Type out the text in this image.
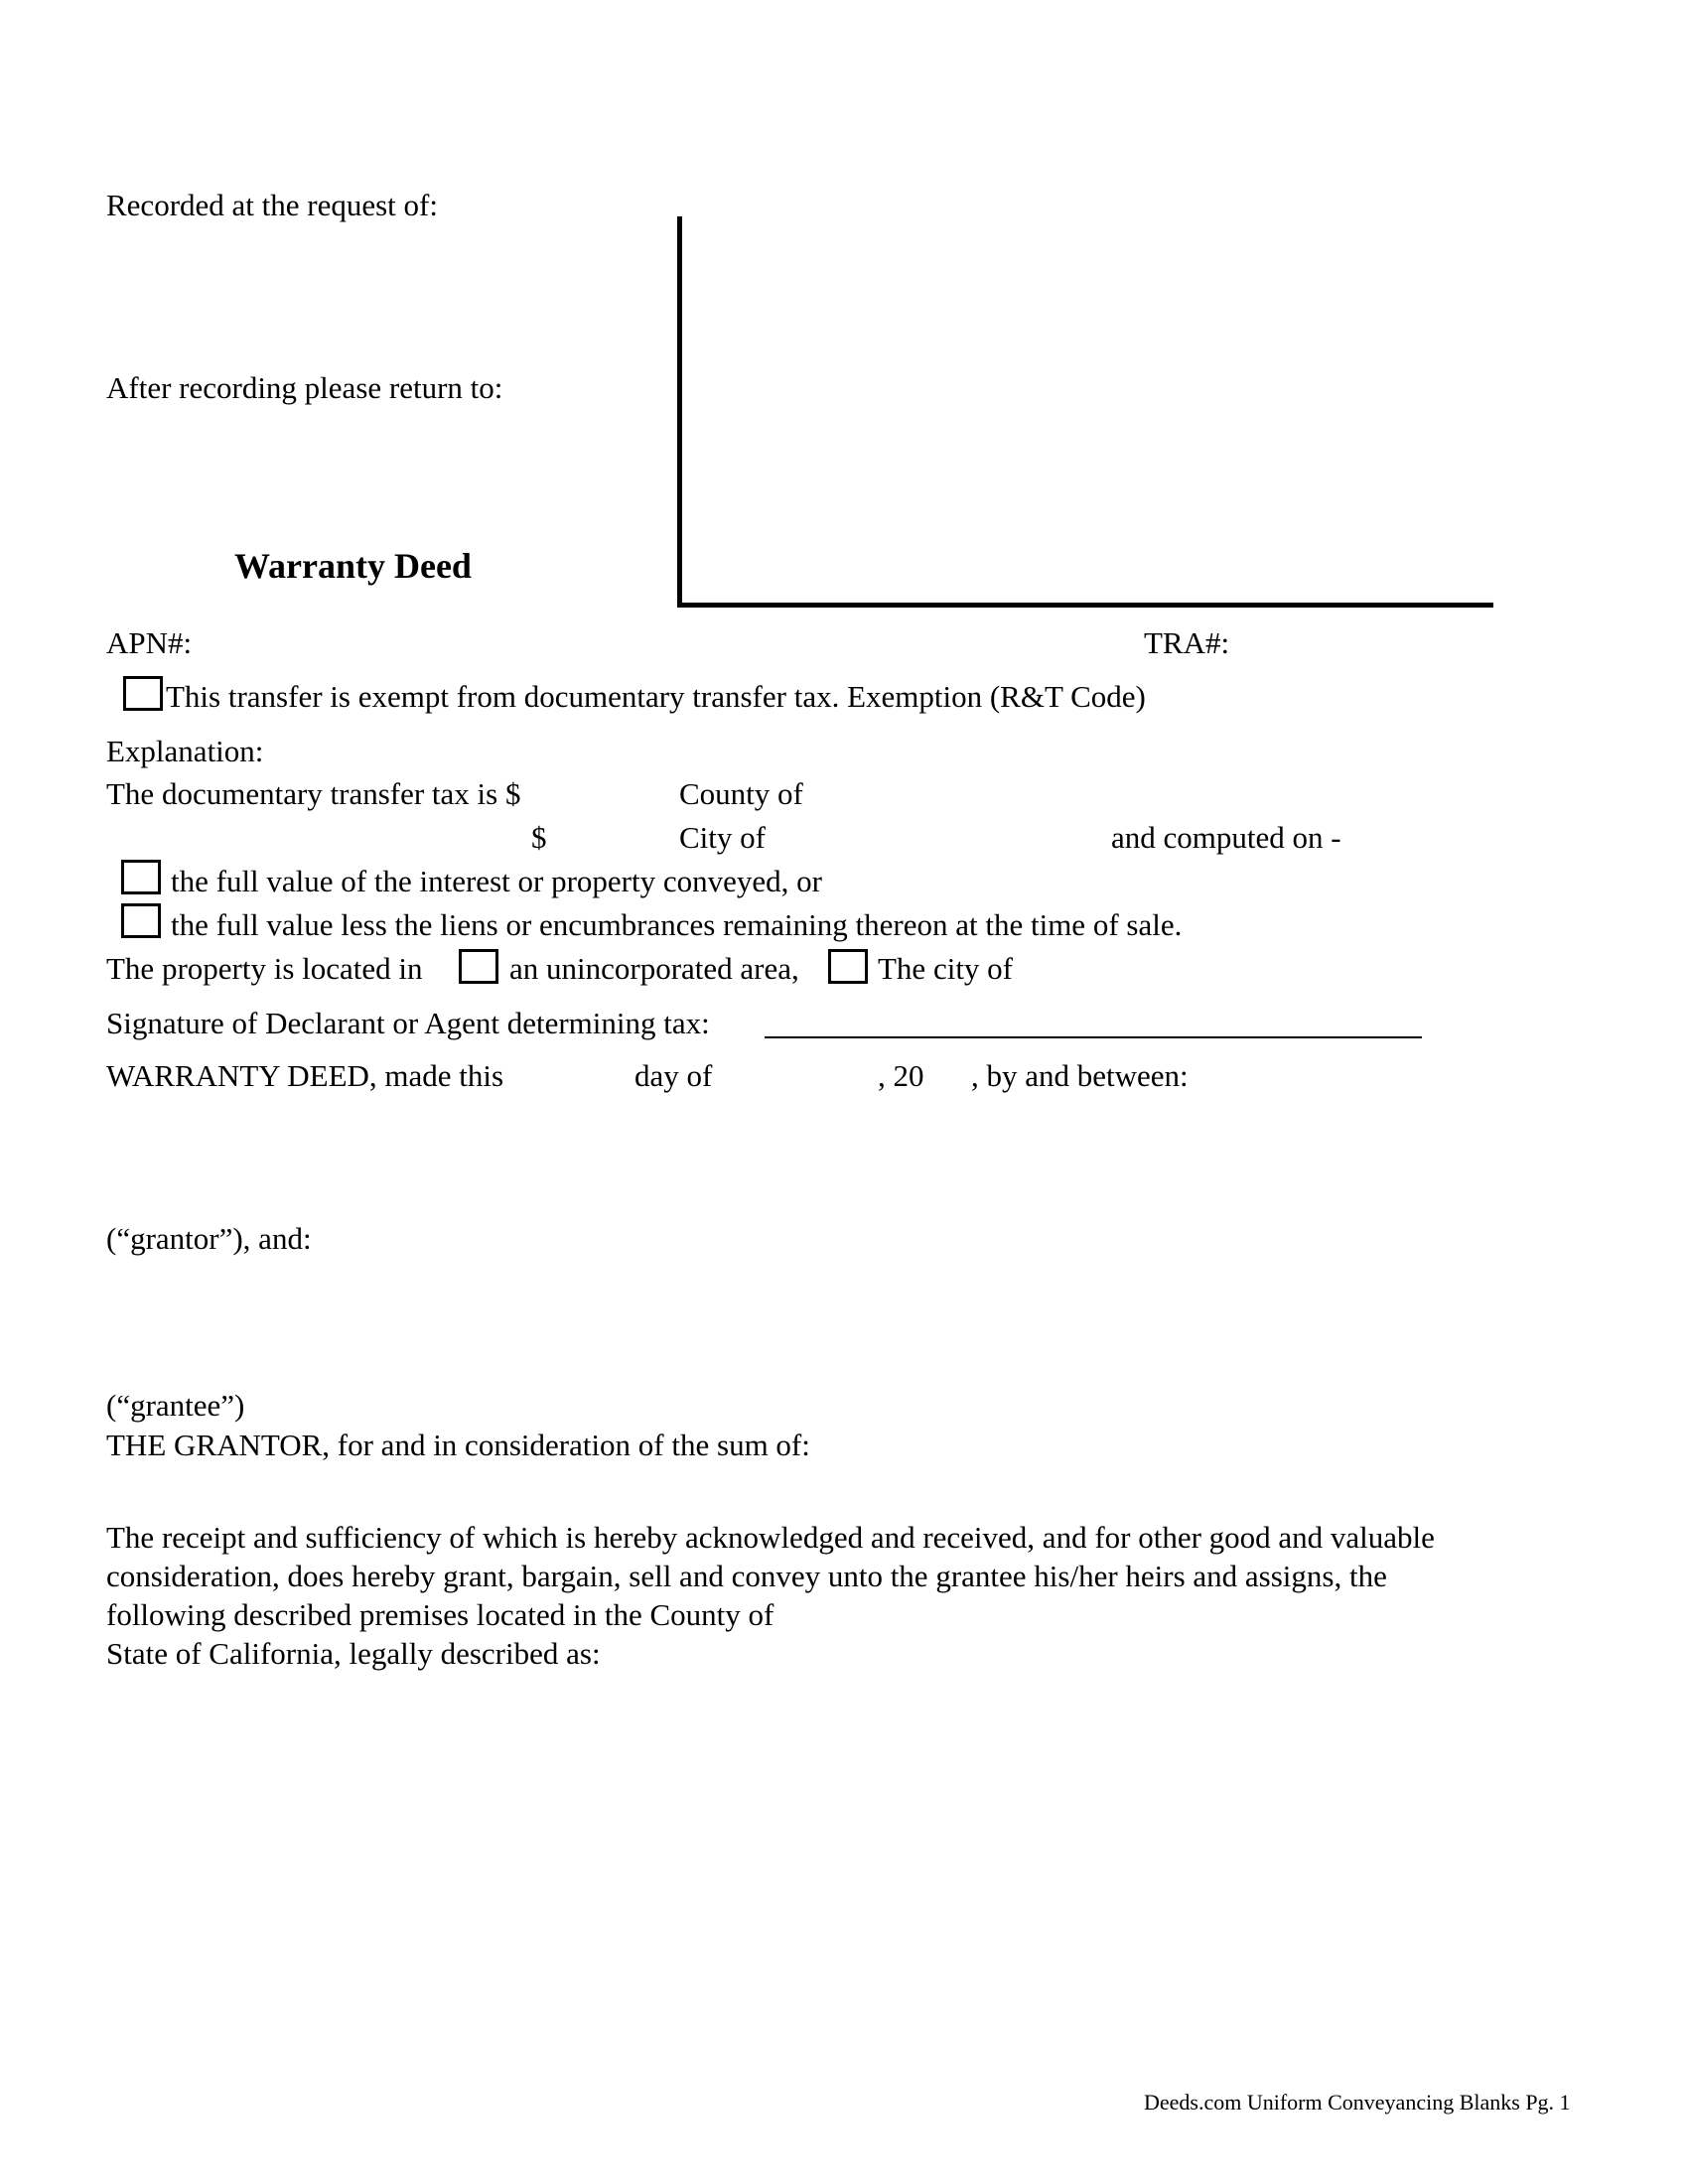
Recorded at the request of:
After recording please return to:
Warranty Deed
APN#:	TRA#:
This transfer is exempt from documentary transfer tax. Exemption (R&T Code)
Explanation:
The documentary transfer tax is $	County of
$	City of	and computed on -
the full value of the interest or property conveyed, or
the full value less the liens or encumbrances remaining thereon at the time of sale.
The property is located in	an unincorporated area,	The city of
Signature of Declarant or Agent determining tax:
WARRANTY DEED, made this	day of	, 20 , by and between:
(“grantor”), and:
(“grantee”)
THE GRANTOR, for and in consideration of the sum of:
The receipt and sufficiency of which is hereby acknowledged and received, and for other good and valuable
consideration, does hereby grant, bargain, sell and convey unto the grantee his/her heirs and assigns, the
following described premises located in the County of
State of California, legally described as:
Deeds.com Uniform Conveyancing Blanks Pg. 1
